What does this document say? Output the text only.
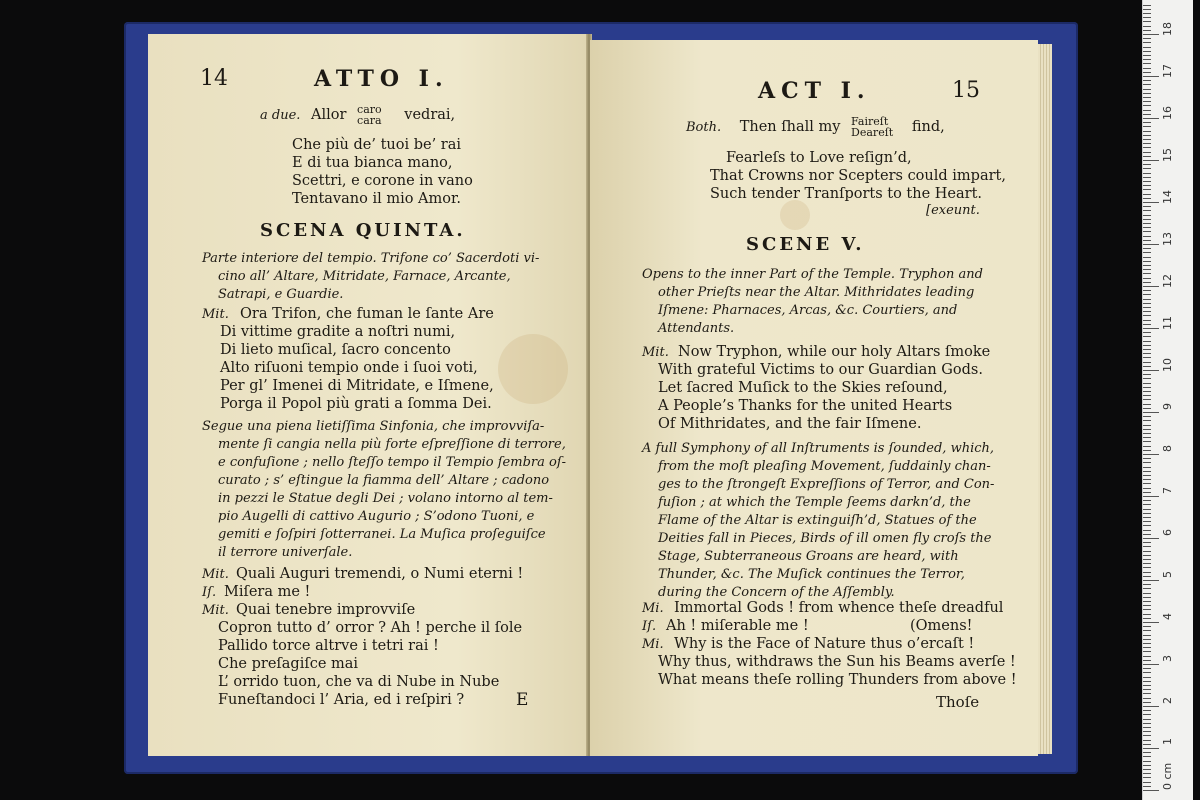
14	ATTO I.
a due. Allor caro
cara vedrai,
Che più de’ tuoi be’ rai
E di tua bianca mano,
Scettri, e corone in vano
Tentavano il mio Amor.
SCENA QUINTA.
Parte interiore del tempio. Trifone co’ Sacerdoti vi-
cino all’ Altare, Mitridate, Farnace, Arcante,
Satrapi, e Guardie.
Mit. Ora Trifon, che fuman le ſante Are
Di vittime gradite a noſtri numi,
Di lieto muſical, ſacro concento
Alto riſuoni tempio onde i ſuoi voti,
Per gl’ Imenei di Mitridate, e Iſmene,
Porga il Popol più grati a ſomma Dei.
Segue una piena lietiſſima Sinfonia, che improvviſa-
mente ſi cangia nella più forte eſpreſſione di terrore,
e confuſione ; nello ſteſſo tempo il Tempio ſembra oſ-
curato ; s’ eſtingue la fiamma dell’ Altare ; cadono
in pezzi le Statue degli Dei ; volano intorno al tem-
pio Augelli di cattivo Augurio ; S’odono Tuoni, e
gemiti e ſoſpiri ſotterranei. La Muſica proſeguiſce
il terrore univerſale.
Mit. Quali Auguri tremendi, o Numi eterni !
Iſ. Miſera me !
Mit. Quai tenebre improvviſe
Copron tutto d’ orror ? Ah ! perche il ſole
Pallido torce altrve i tetri rai !
Che preſagiſce mai
L’ orrido tuon, che va di Nube in Nube
Funeſtandoci l’ Aria, ed i reſpiri ?	E
ACT I.	15
Both. Then ſhall my Faireſt
Deareſt find,
Fearleſs to Love reſign’d,
That Crowns nor Scepters could impart,
Such tender Tranſports to the Heart.
[exeunt.
SCENE V.
Opens to the inner Part of the Temple. Tryphon and
other Prieſts near the Altar. Mithridates leading
Iſmene: Pharnaces, Arcas, &c. Courtiers, and
Attendants.
Mit. Now Tryphon, while our holy Altars ſmoke
With grateful Victims to our Guardian Gods.
Let ſacred Muſick to the Skies reſound,
A People’s Thanks for the united Hearts
Of Mithridates, and the fair Iſmene.
A full Symphony of all Inſtruments is ſounded, which,
from the moſt pleaſing Movement, ſuddainly chan-
ges to the ſtrongeſt Expreſſions of Terror, and Con-
fuſion ; at which the Temple ſeems darkn’d, the
Flame of the Altar is extinguiſh’d, Statues of the
Deities fall in Pieces, Birds of ill omen fly croſs the
Stage, Subterraneous Groans are heard, with
Thunder, &c. The Muſick continues the Terror,
during the Concern of the Aſſembly.
Mi. Immortal Gods ! from whence theſe dreadful
Iſ. Ah ! miſerable me !	(Omens!
Mi. Why is the Face of Nature thus o’ercaſt !
Why thus, withdraws the Sun his Beams averſe !
What means theſe rolling Thunders from above !
Thoſe
0 cm
1
2
3
4
5
6
7
8
9
10
11
12
13
14
15
16
17
18
